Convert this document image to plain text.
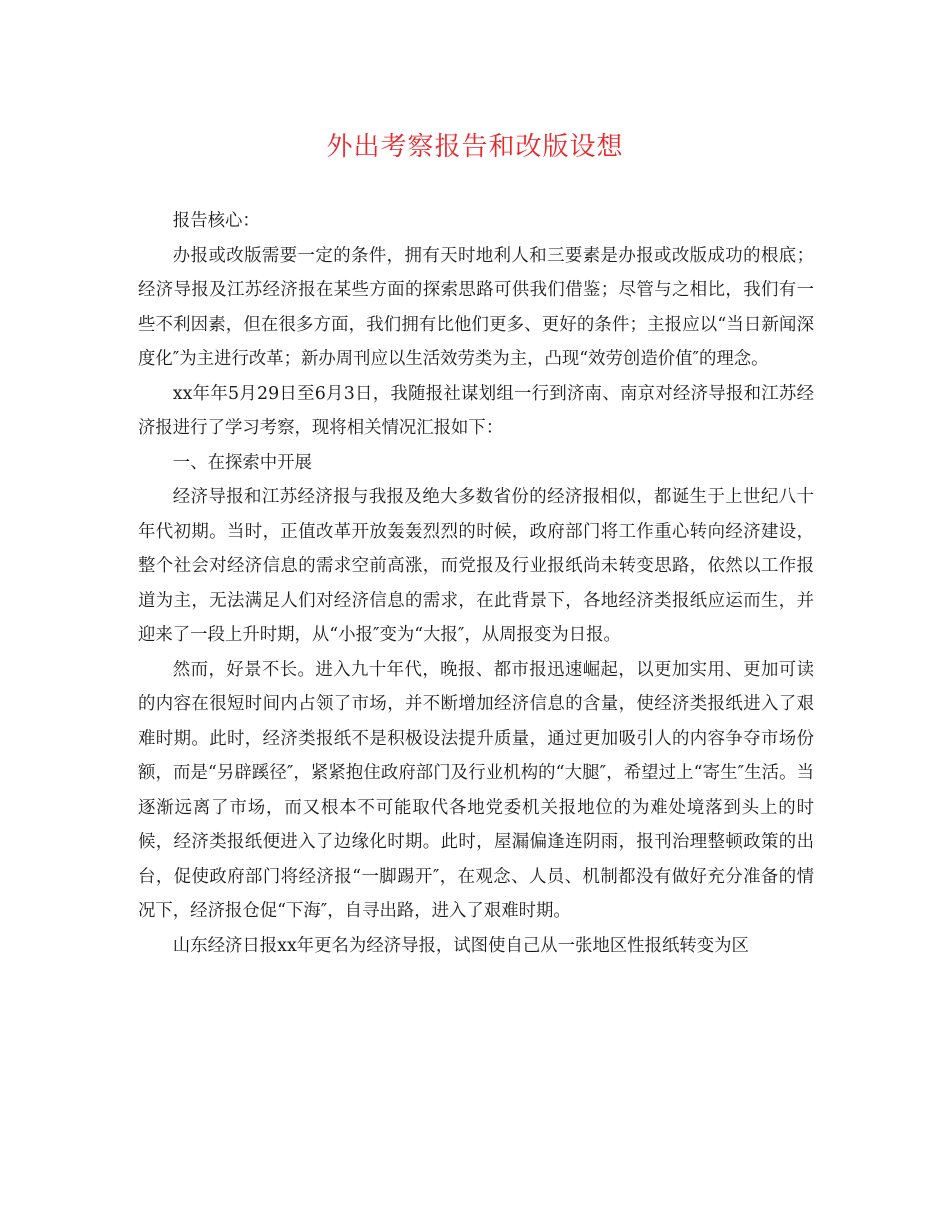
外出考察报告和改版设想

报告核心：

办报或改版需要一定的条件，拥有天时地利人和三要素是办报或改版成功的根底；经济导报及江苏经济报在某些方面的探索思路可供我们借鉴；尽管与之相比，我们有一些不利因素，但在很多方面，我们拥有比他们更多、更好的条件；主报应以“当日新闻深度化″为主进行改革；新办周刊应以生活效劳类为主，凸现“效劳创造价值″的理念。

xx年年5月29日至6月3日，我随报社谋划组一行到济南、南京对经济导报和江苏经济报进行了学习考察，现将相关情况汇报如下：

一、在探索中开展

经济导报和江苏经济报与我报及绝大多数省份的经济报相似，都诞生于上世纪八十年代初期。当时，正值改革开放轰轰烈烈的时候，政府部门将工作重心转向经济建设，整个社会对经济信息的需求空前高涨，而党报及行业报纸尚未转变思路，依然以工作报道为主，无法满足人们对经济信息的需求，在此背景下，各地经济类报纸应运而生，并迎来了一段上升时期，从“小报″变为“大报″，从周报变为日报。

然而，好景不长。进入九十年代，晚报、都市报迅速崛起，以更加实用、更加可读的内容在很短时间内占领了市场，并不断增加经济信息的含量，使经济类报纸进入了艰难时期。此时，经济类报纸不是积极设法提升质量，通过更加吸引人的内容争夺市场份额，而是“另辟蹊径″，紧紧抱住政府部门及行业机构的“大腿″，希望过上“寄生″生活。当逐渐远离了市场，而又根本不可能取代各地党委机关报地位的为难处境落到头上的时候，经济类报纸便进入了边缘化时期。此时，屋漏偏逢连阴雨，报刊治理整顿政策的出台，促使政府部门将经济报“一脚踢开″，在观念、人员、机制都没有做好充分准备的情况下，经济报仓促“下海″，自寻出路，进入了艰难时期。

山东经济日报xx年更名为经济导报，试图使自己从一张地区性报纸转变为区
